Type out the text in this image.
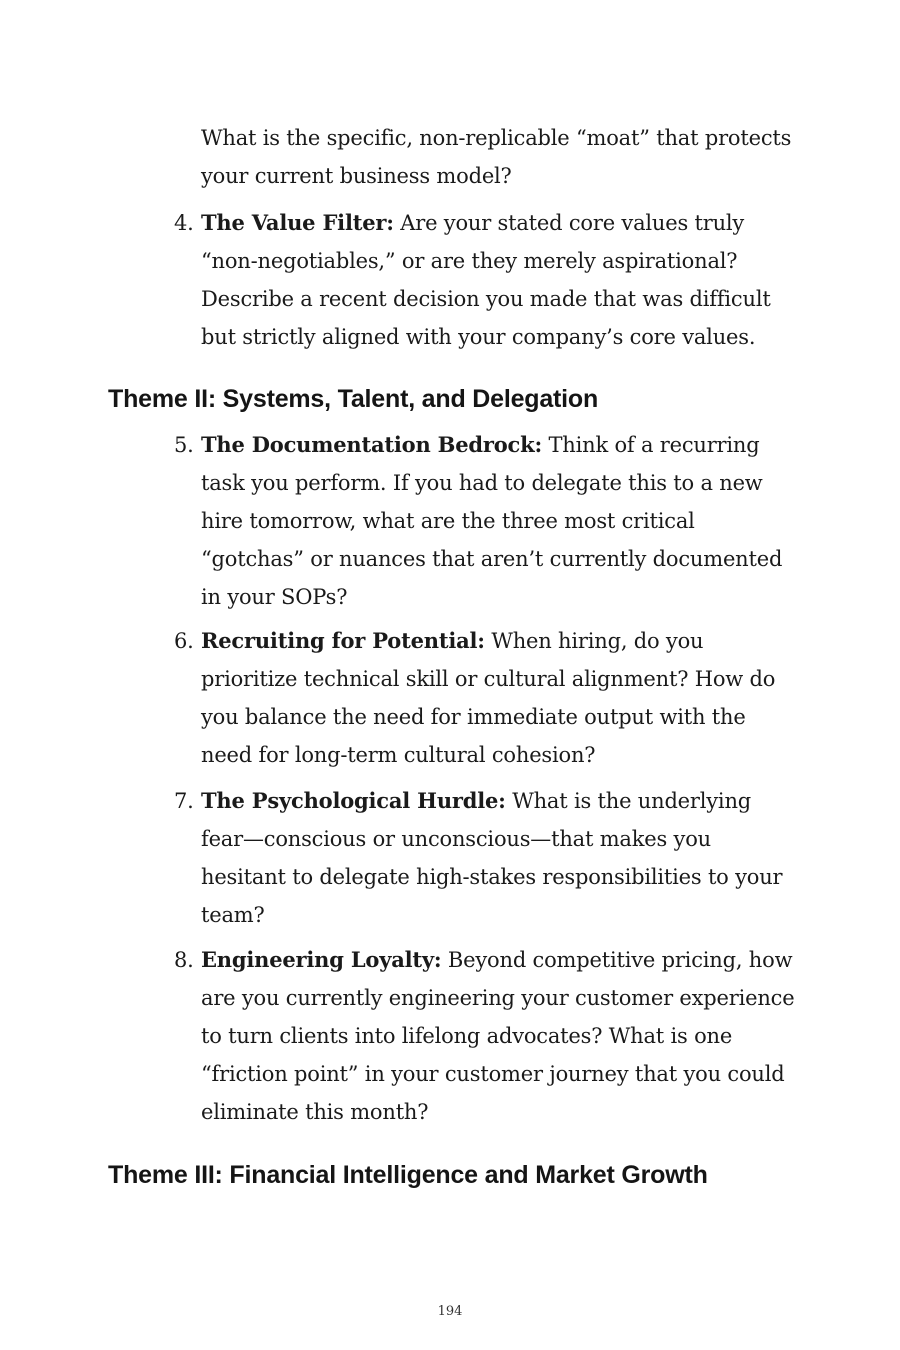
What is the specific, non-replicable “moat” that protects your current business model?

4. The Value Filter: Are your stated core values truly “non-negotiables,” or are they merely aspirational? Describe a recent decision you made that was difficult but strictly aligned with your company’s core values.

Theme II: Systems, Talent, and Delegation
5. The Documentation Bedrock: Think of a recurring task you perform. If you had to delegate this to a new hire tomorrow, what are the three most critical “gotchas” or nuances that aren’t currently documented in your SOPs?

6. Recruiting for Potential: When hiring, do you prioritize technical skill or cultural alignment? How do you balance the need for immediate output with the need for long-term cultural cohesion?

7. The Psychological Hurdle: What is the underlying fear—conscious or unconscious—that makes you hesitant to delegate high-stakes responsibilities to your team?

8. Engineering Loyalty: Beyond competitive pricing, how are you currently engineering your customer experience to turn clients into lifelong advocates? What is one “friction point” in your customer journey that you could eliminate this month?

Theme III: Financial Intelligence and Market Growth
194
